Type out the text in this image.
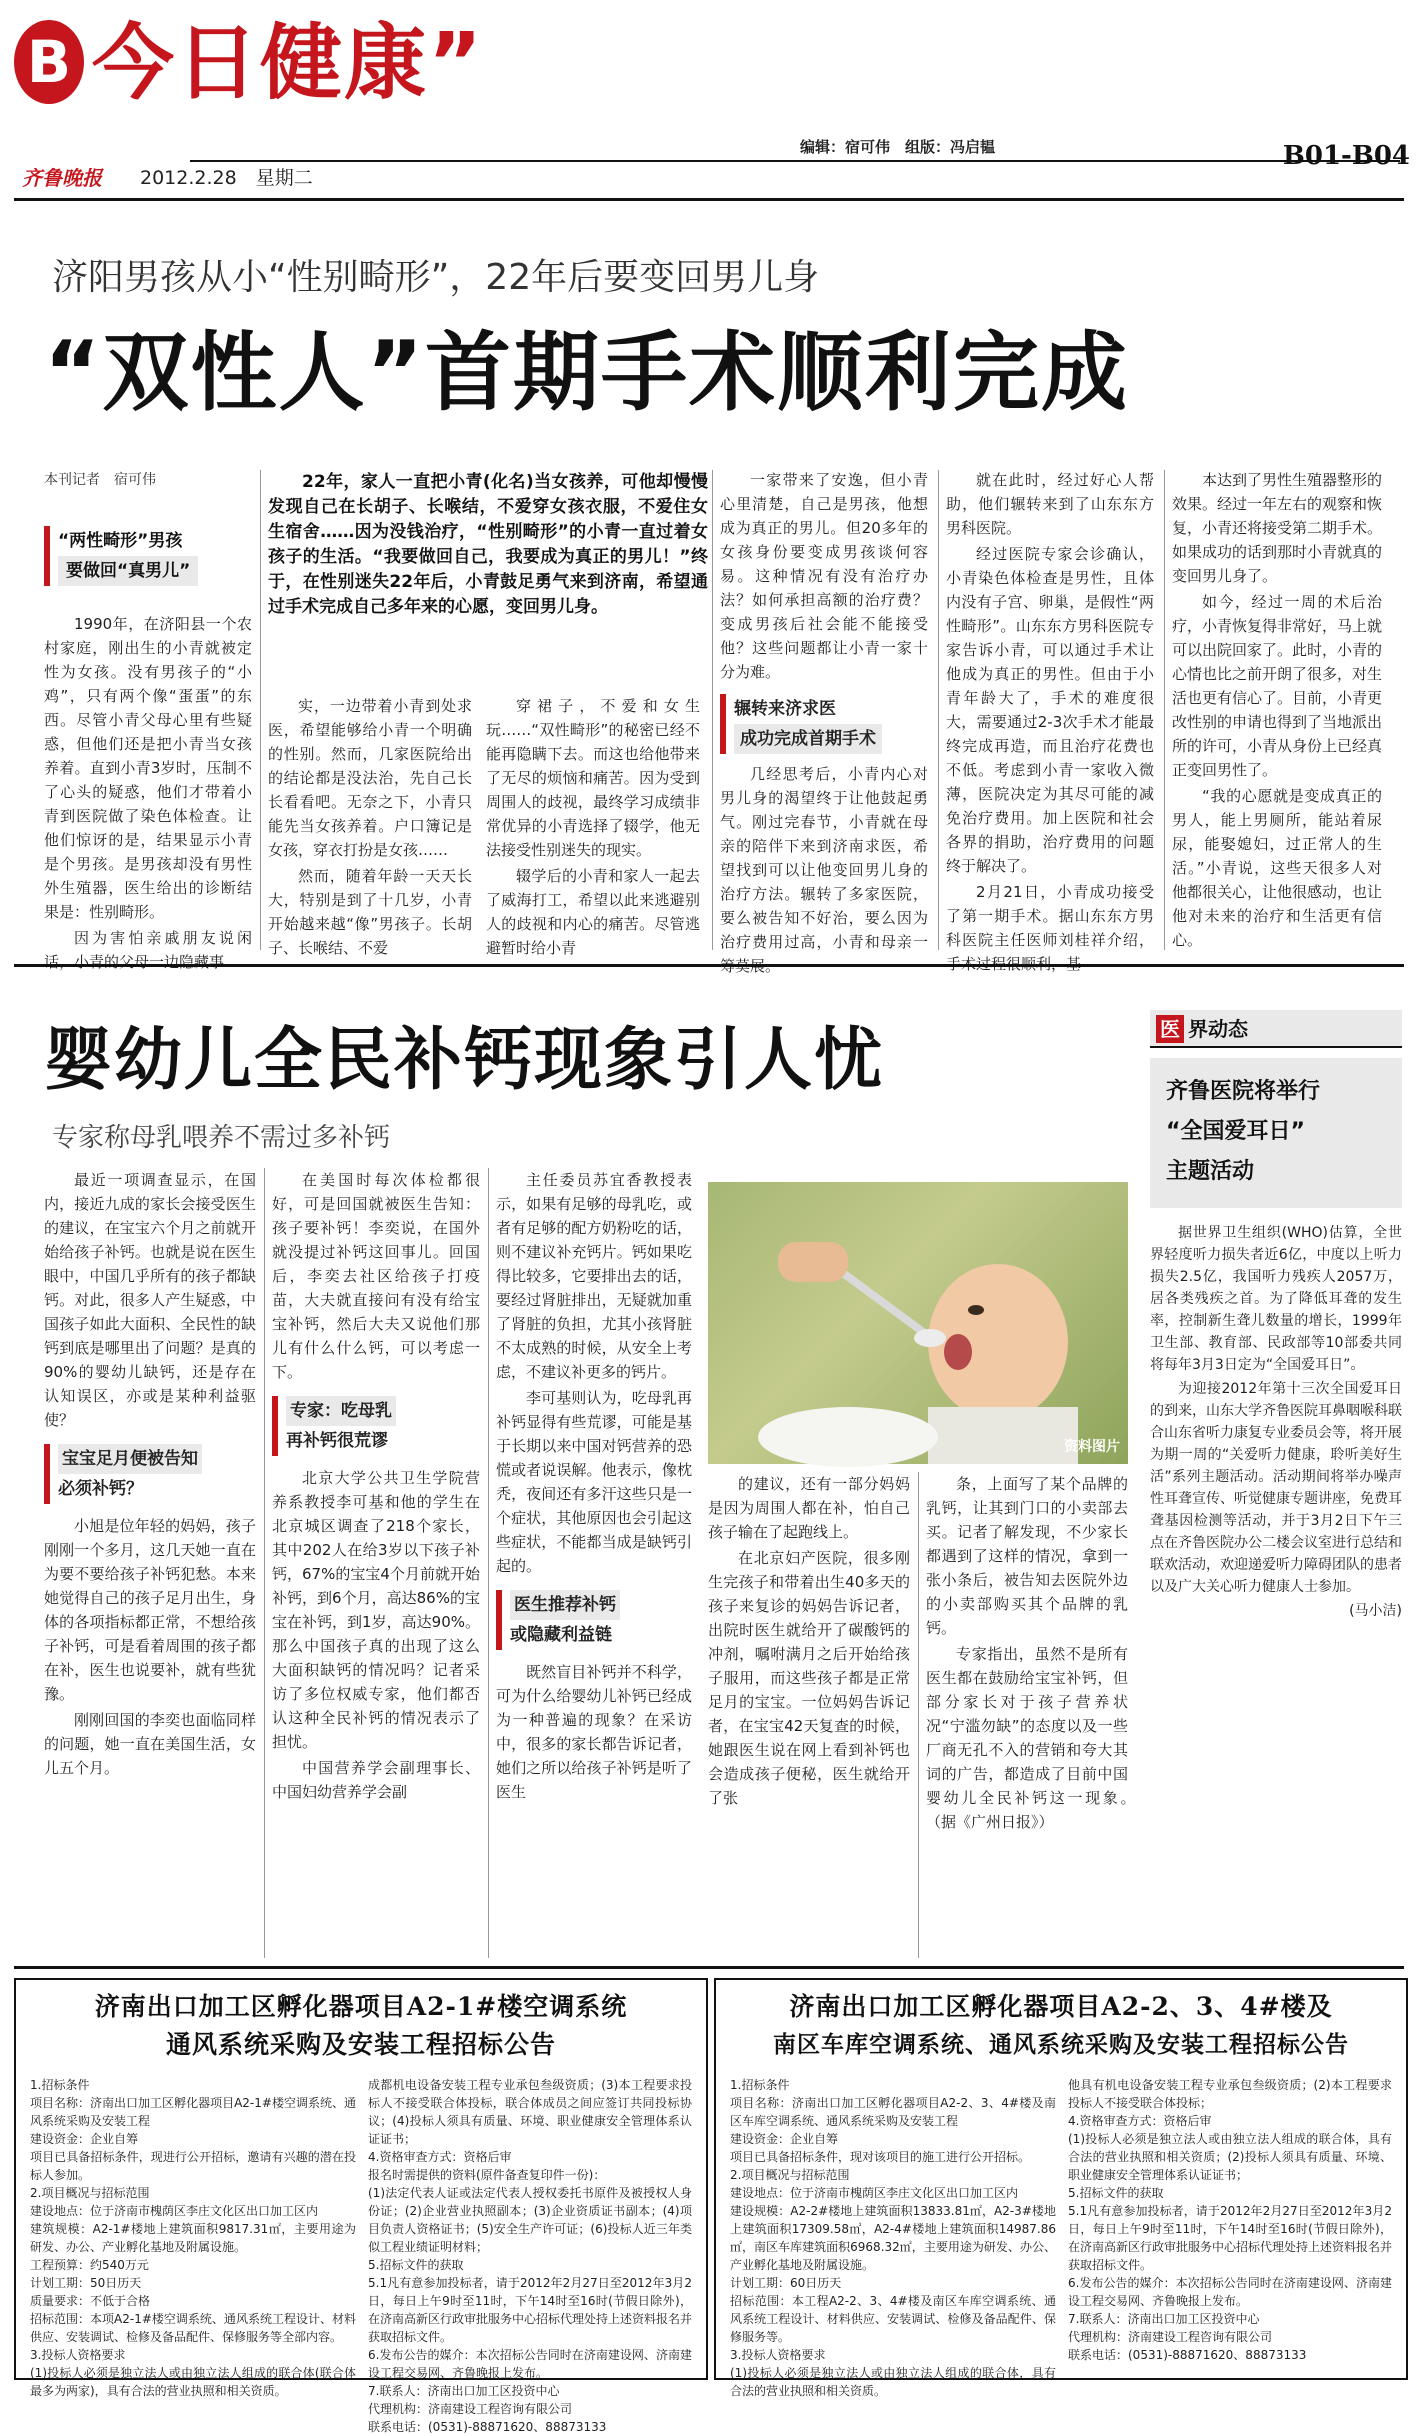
B 今日健康”
编辑：宿可伟　组版：冯启韫
齐鲁晚报	2012.2.28　星期二
B01-B04
济阳男孩从小“性别畸形”，22年后要变回男儿身
“双性人”首期手术顺利完成
本刊记者　宿可伟
“两性畸形”男孩
要做回“真男儿”
22年，家人一直把小青(化名)当女孩养，可他却慢慢发现自己在长胡子、长喉结，不爱穿女孩衣服，不爱住女生宿舍……因为没钱治疗，“性别畸形”的小青一直过着女孩子的生活。“我要做回自己，我要成为真正的男儿！”终于，在性别迷失22年后，小青鼓足勇气来到济南，希望通过手术完成自己多年来的心愿，变回男儿身。

1990年，在济阳县一个农村家庭，刚出生的小青就被定性为女孩。没有男孩子的“小鸡”，只有两个像“蛋蛋”的东西。尽管小青父母心里有些疑惑，但他们还是把小青当女孩养着。直到小青3岁时，压制不了心头的疑惑，他们才带着小青到医院做了染色体检查。让他们惊讶的是，结果显示小青是个男孩。是男孩却没有男性外生殖器，医生给出的诊断结果是：性别畸形。

因为害怕亲戚朋友说闲话，小青的父母一边隐藏事

实，一边带着小青到处求医，希望能够给小青一个明确的性别。然而，几家医院给出的结论都是没法治，先自己长长看看吧。无奈之下，小青只能先当女孩养着。户口簿记是女孩，穿衣打扮是女孩……

然而，随着年龄一天天长大，特别是到了十几岁，小青开始越来越“像”男孩子。长胡子、长喉结、不爱

穿裙子，不爱和女生玩……“双性畸形”的秘密已经不能再隐瞒下去。而这也给他带来了无尽的烦恼和痛苦。因为受到周围人的歧视，最终学习成绩非常优异的小青选择了辍学，他无法接受性别迷失的现实。

辍学后的小青和家人一起去了威海打工，希望以此来逃避别人的歧视和内心的痛苦。尽管逃避暂时给小青

一家带来了安逸，但小青心里清楚，自己是男孩，他想成为真正的男儿。但20多年的女孩身份要变成男孩谈何容易。这种情况有没有治疗办法？如何承担高额的治疗费？变成男孩后社会能不能接受他？这些问题都让小青一家十分为难。

辗转来济求医
成功完成首期手术

几经思考后，小青内心对男儿身的渴望终于让他鼓起勇气。刚过完春节，小青就在母亲的陪伴下来到济南求医，希望找到可以让他变回男儿身的治疗方法。辗转了多家医院，要么被告知不好治，要么因为治疗费用过高，小青和母亲一筹莫展。

就在此时，经过好心人帮助，他们辗转来到了山东东方男科医院。

经过医院专家会诊确认，小青染色体检查是男性，且体内没有子宫、卵巢，是假性“两性畸形”。山东东方男科医院专家告诉小青，可以通过手术让他成为真正的男性。但由于小青年龄大了，手术的难度很大，需要通过2-3次手术才能最终完成再造，而且治疗花费也不低。考虑到小青一家收入微薄，医院决定为其尽可能的减免治疗费用。加上医院和社会各界的捐助，治疗费用的问题终于解决了。

2月21日，小青成功接受了第一期手术。据山东东方男科医院主任医师刘桂祥介绍，手术过程很顺利，基

本达到了男性生殖器整形的效果。经过一年左右的观察和恢复，小青还将接受第二期手术。如果成功的话到那时小青就真的变回男儿身了。

如今，经过一周的术后治疗，小青恢复得非常好，马上就可以出院回家了。此时，小青的心情也比之前开朗了很多，对生活也更有信心了。目前，小青更改性别的申请也得到了当地派出所的许可，小青从身份上已经真正变回男性了。

“我的心愿就是变成真正的男人，能上男厕所，能站着尿尿，能娶媳妇，过正常人的生活。”小青说，这些天很多人对他都很关心，让他很感动，也让他对未来的治疗和生活更有信心。

婴幼儿全民补钙现象引人忧
专家称母乳喂养不需过多补钙

最近一项调查显示，在国内，接近九成的家长会接受医生的建议，在宝宝六个月之前就开始给孩子补钙。也就是说在医生眼中，中国几乎所有的孩子都缺钙。对此，很多人产生疑惑，中国孩子如此大面积、全民性的缺钙到底是哪里出了问题？是真的90%的婴幼儿缺钙，还是存在认知误区，亦或是某种利益驱使？

宝宝足月便被告知
必须补钙？

小旭是位年轻的妈妈，孩子刚刚一个多月，这几天她一直在为要不要给孩子补钙犯愁。本来她觉得自己的孩子足月出生，身体的各项指标都正常，不想给孩子补钙，可是看着周围的孩子都在补，医生也说要补，就有些犹豫。

刚刚回国的李奕也面临同样的问题，她一直在美国生活，女儿五个月。

在美国时每次体检都很好，可是回国就被医生告知：孩子要补钙！李奕说，在国外就没提过补钙这回事儿。回国后，李奕去社区给孩子打疫苗，大夫就直接问有没有给宝宝补钙，然后大夫又说他们那儿有什么什么钙，可以考虑一下。

专家：吃母乳
再补钙很荒谬

北京大学公共卫生学院营养系教授李可基和他的学生在北京城区调查了218个家长，其中202人在给3岁以下孩子补钙，67%的宝宝4个月前就开始补钙，到6个月，高达86%的宝宝在补钙，到1岁，高达90%。那么中国孩子真的出现了这么大面积缺钙的情况吗？记者采访了多位权威专家，他们都否认这种全民补钙的情况表示了担忧。

中国营养学会副理事长、中国妇幼营养学会副

主任委员苏宜香教授表示，如果有足够的母乳吃，或者有足够的配方奶粉吃的话，则不建议补充钙片。钙如果吃得比较多，它要排出去的话，要经过肾脏排出，无疑就加重了肾脏的负担，尤其小孩肾脏不太成熟的时候，从安全上考虑，不建议补更多的钙片。

李可基则认为，吃母乳再补钙显得有些荒谬，可能是基于长期以来中国对钙营养的恐慌或者说误解。他表示，像枕秃，夜间还有多汗这些只是一个症状，其他原因也会引起这些症状，不能都当成是缺钙引起的。

医生推荐补钙
或隐藏利益链

既然盲目补钙并不科学，可为什么给婴幼儿补钙已经成为一种普遍的现象？在采访中，很多的家长都告诉记者，她们之所以给孩子补钙是听了医生

资料图片

的建议，还有一部分妈妈是因为周围人都在补，怕自己孩子输在了起跑线上。

在北京妇产医院，很多刚生完孩子和带着出生40多天的孩子来复诊的妈妈告诉记者，出院时医生就给开了碳酸钙的冲剂，嘱咐满月之后开始给孩子服用，而这些孩子都是正常足月的宝宝。一位妈妈告诉记者，在宝宝42天复查的时候，她跟医生说在网上看到补钙也会造成孩子便秘，医生就给开了张

条，上面写了某个品牌的乳钙，让其到门口的小卖部去买。记者了解发现，不少家长都遇到了这样的情况，拿到一张小条后，被告知去医院外边的小卖部购买其个品牌的乳钙。

专家指出，虽然不是所有医生都在鼓励给宝宝补钙，但部分家长对于孩子营养状况“宁滥勿缺”的态度以及一些厂商无孔不入的营销和夸大其词的广告，都造成了目前中国婴幼儿全民补钙这一现象。　（据《广州日报》）

医 界动态
齐鲁医院将举行
“全国爱耳日”
主题活动

据世界卫生组织(WHO)估算，全世界轻度听力损失者近6亿，中度以上听力损失2.5亿，我国听力残疾人2057万，居各类残疾之首。为了降低耳聋的发生率，控制新生聋儿数量的增长，1999年卫生部、教育部、民政部等10部委共同将每年3月3日定为“全国爱耳日”。

为迎接2012年第十三次全国爱耳日的到来，山东大学齐鲁医院耳鼻咽喉科联合山东省听力康复专业委员会等，将开展为期一周的“关爱听力健康，聆听美好生活”系列主题活动。活动期间将举办噪声性耳聋宣传、听觉健康专题讲座，免费耳聋基因检测等活动，并于3月2日下午三点在齐鲁医院办公二楼会议室进行总结和联欢活动，欢迎递爱听力障碍团队的患者以及广大关心听力健康人士参加。

(马小洁)
济南出口加工区孵化器项目A2-1#楼空调系统
通风系统采购及安装工程招标公告

1.招标条件

项目名称：济南出口加工区孵化器项目A2-1#楼空调系统、通风系统采购及安装工程

建设资金：企业自筹

项目已具备招标条件，现进行公开招标，邀请有兴趣的潜在投标人参加。

2.项目概况与招标范围

建设地点：位于济南市槐荫区李庄文化区出口加工区内

建筑规模：A2-1#楼地上建筑面积9817.31㎡，主要用途为研发、办公、产业孵化基地及附属设施。

工程预算：约540万元

计划工期：50日历天

质量要求：不低于合格

招标范围：本项A2-1#楼空调系统、通风系统工程设计、材料供应、安装调试、检修及备品配件、保修服务等全部内容。

3.投标人资格要求

(1)投标人必须是独立法人或由独立法人组成的联合体(联合体最多为两家)，具有合法的营业执照和相关资质。

成都机电设备安装工程专业承包叁级资质；(3)本工程要求投标人不接受联合体投标，联合体成员之间应签订共同投标协议；(4)投标人须具有质量、环境、职业健康安全管理体系认证证书；

4.资格审查方式：资格后审

报名时需提供的资料(原件备查复印件一份)：

(1)法定代表人证或法定代表人授权委托书原件及被授权人身份证；(2)企业营业执照副本；(3)企业资质证书副本；(4)项目负责人资格证书；(5)安全生产许可证；(6)投标人近三年类似工程业绩证明材料；

5.招标文件的获取

5.1凡有意参加投标者，请于2012年2月27日至2012年3月2日，每日上午9时至11时，下午14时至16时(节假日除外)，在济南高新区行政审批服务中心招标代理处持上述资料报名并获取招标文件。

6.发布公告的媒介：本次招标公告同时在济南建设网、济南建设工程交易网、齐鲁晚报上发布。

7.联系人：济南出口加工区投资中心

代理机构：济南建设工程咨询有限公司

联系电话：(0531)-88871620、88873133

济南出口加工区孵化器项目A2-2、3、4#楼及
南区车库空调系统、通风系统采购及安装工程招标公告

1.招标条件

项目名称：济南出口加工区孵化器项目A2-2、3、4#楼及南区车库空调系统、通风系统采购及安装工程

建设资金：企业自筹

项目已具备招标条件，现对该项目的施工进行公开招标。

2.项目概况与招标范围

建设地点：位于济南市槐荫区李庄文化区出口加工区内

建设规模：A2-2#楼地上建筑面积13833.81㎡，A2-3#楼地上建筑面积17309.58㎡，A2-4#楼地上建筑面积14987.86㎡，南区车库建筑面积6968.32㎡，主要用途为研发、办公、产业孵化基地及附属设施。

计划工期：60日历天

招标范围：本工程A2-2、3、4#楼及南区车库空调系统、通风系统工程设计、材料供应、安装调试、检修及备品配件、保修服务等。

3.投标人资格要求

(1)投标人必须是独立法人或由独立法人组成的联合体，具有合法的营业执照和相关资质。

他具有机电设备安装工程专业承包叁级资质；(2)本工程要求投标人不接受联合体投标；

4.资格审查方式：资格后审

(1)投标人必须是独立法人或由独立法人组成的联合体，具有合法的营业执照和相关资质；(2)投标人须具有质量、环境、职业健康安全管理体系认证证书；

5.招标文件的获取

5.1凡有意参加投标者，请于2012年2月27日至2012年3月2日，每日上午9时至11时，下午14时至16时(节假日除外)，在济南高新区行政审批服务中心招标代理处持上述资料报名并获取招标文件。

6.发布公告的媒介：本次招标公告同时在济南建设网、济南建设工程交易网、齐鲁晚报上发布。

7.联系人：济南出口加工区投资中心

代理机构：济南建设工程咨询有限公司

联系电话：(0531)-88871620、88873133
